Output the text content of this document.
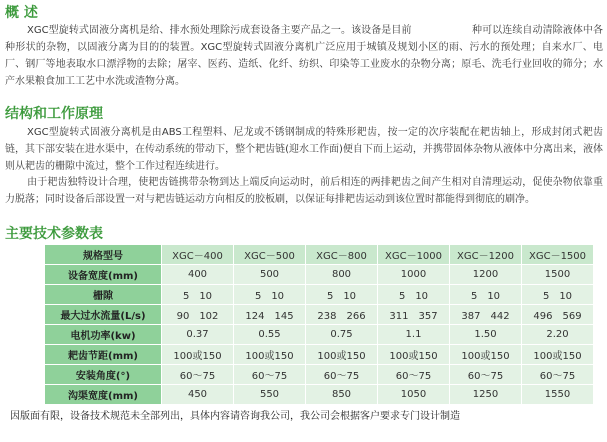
概 述

XGC型旋转式固液分离机是给、排水预处理除污成套设备主要产品之一。该设备是目前　　　　　　种可以连续自动清除液体中各种形状的杂物，以固液分离为目的的装置。XGC型旋转式固液分离机广泛应用于城镇及规划小区的雨、污水的预处理；自来水厂、电厂、钢厂等地表取水口漂浮物的去除；屠宰、医药、造纸、化纤、纺织、印染等工业废水的杂物分离；原毛、洗毛行业回收的筛分；水产水果粮食加工工艺中水洗或渣物分离。

结构和工作原理

XGC型旋转式固液分离机是由ABS工程塑料、尼龙或不锈钢制成的特殊形耙齿，按一定的次序装配在耙齿轴上，形成封闭式耙齿链，其下部安装在进水渠中，在传动系统的带动下，整个耙齿链(迎水工作面)便自下而上运动，并携带固体杂物从液体中分离出来，液体则从耙齿的栅隙中流过，整个工作过程连续进行。

由于耙齿独特设计合理，使耙齿链携带杂物到达上端反向运动时，前后相连的两排耙齿之间产生相对自清理运动，促使杂物依靠重力脱落；同时设备后部设置一对与耙齿链运动方向相反的胶板刷，以保证每排耙齿运动到该位置时都能得到彻底的刷净。

主要技术参数表
规格型号	XGC－400	XGC－500	XGC－800	XGC－1000	XGC－1200	XGC－1500
设备宽度(mm)	400	500	800	1000	1200	1500
栅隙	5　10	5　10	5　10	5　10	5　10	5　10
最大过水流量(L/s)	90　102	124　145	238　266	311　357	387　442	496　569
电机功率(kw)	0.37	0.55	0.75	1.1	1.50	2.20
耙齿节距(mm)	100或150	100或150	100或150	100或150	100或150	100或150
安装角度(°)	60～75	60～75	60～75	60～75	60～75	60～75
沟渠宽度(mm)	450	550	850	1050	1250	1550
因版面有限，设备技术规范未全部列出，具体内容请咨询我公司，我公司会根据客户要求专门设计制造
